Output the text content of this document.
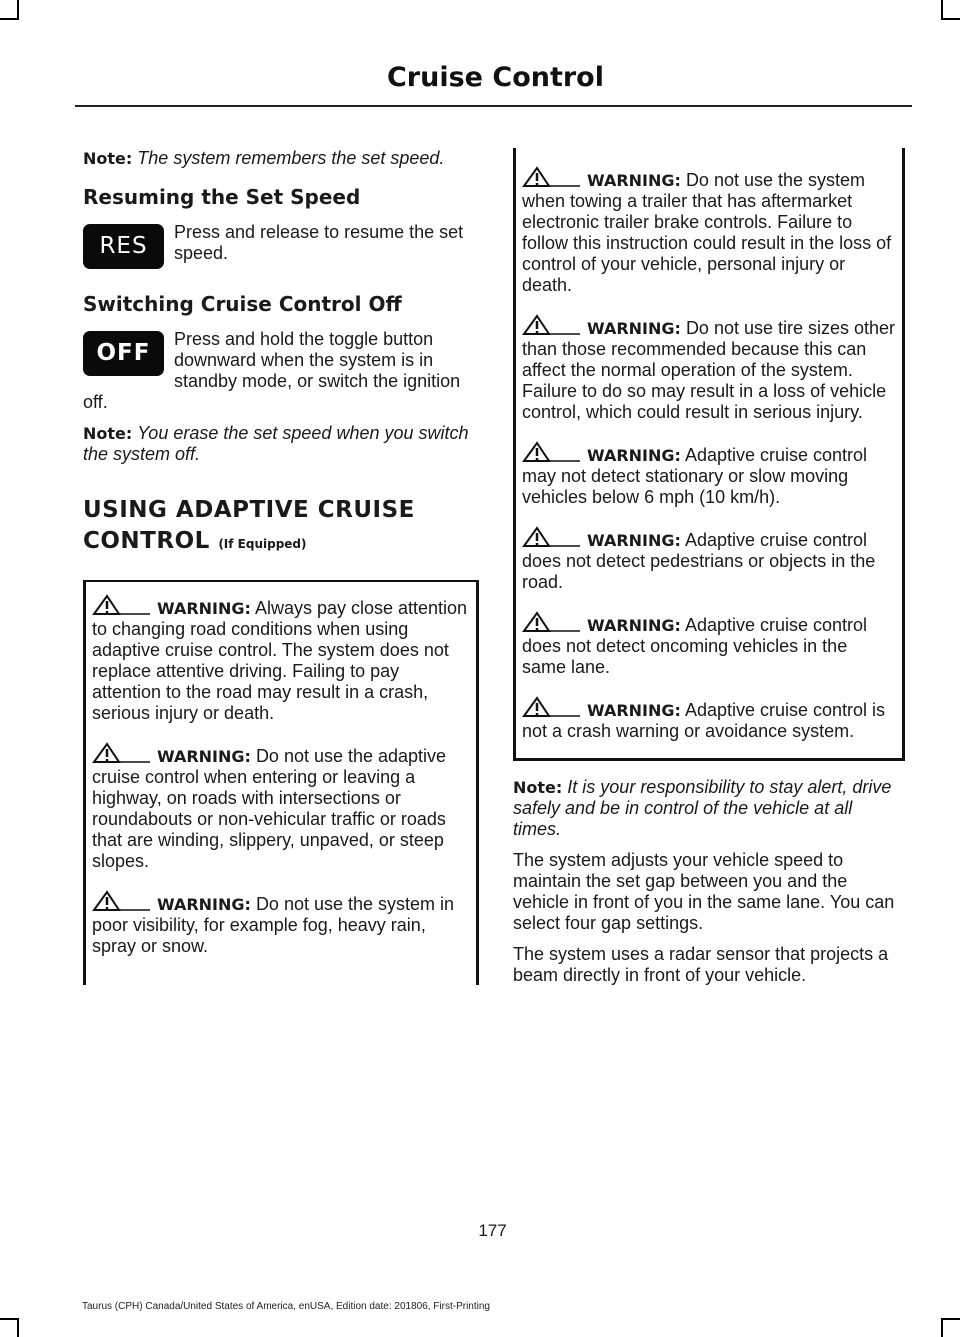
Cruise Control

Note: The system remembers the set speed.

Resuming the Set Speed
RES
Press and release to resume the set speed.
Switching Cruise Control Off
OFF
Press and hold the toggle button downward when the system is in standby mode, or switch the ignition off.

Note: You erase the set speed when you switch the system off.

USING ADAPTIVE CRUISE CONTROL (If Equipped)
WARNING: Always pay close attention to changing road conditions when using adaptive cruise control. The system does not replace attentive driving. Failing to pay attention to the road may result in a crash, serious injury or death.
WARNING: Do not use the adaptive cruise control when entering or leaving a highway, on roads with intersections or roundabouts or non-vehicular traffic or roads that are winding, slippery, unpaved, or steep slopes.
WARNING: Do not use the system in poor visibility, for example fog, heavy rain, spray or snow.
WARNING: Do not use the system when towing a trailer that has aftermarket electronic trailer brake controls. Failure to follow this instruction could result in the loss of control of your vehicle, personal injury or death.
WARNING: Do not use tire sizes other than those recommended because this can affect the normal operation of the system. Failure to do so may result in a loss of vehicle control, which could result in serious injury.
WARNING: Adaptive cruise control may not detect stationary or slow moving vehicles below 6 mph (10 km/h).
WARNING: Adaptive cruise control does not detect pedestrians or objects in the road.
WARNING: Adaptive cruise control does not detect oncoming vehicles in the same lane.
WARNING: Adaptive cruise control is not a crash warning or avoidance system.

Note: It is your responsibility to stay alert, drive safely and be in control of the vehicle at all times.

The system adjusts your vehicle speed to maintain the set gap between you and the vehicle in front of you in the same lane. You can select four gap settings.

The system uses a radar sensor that projects a beam directly in front of your vehicle.

177
Taurus (CPH) Canada/United States of America, enUSA, Edition date: 201806, First-Printing
